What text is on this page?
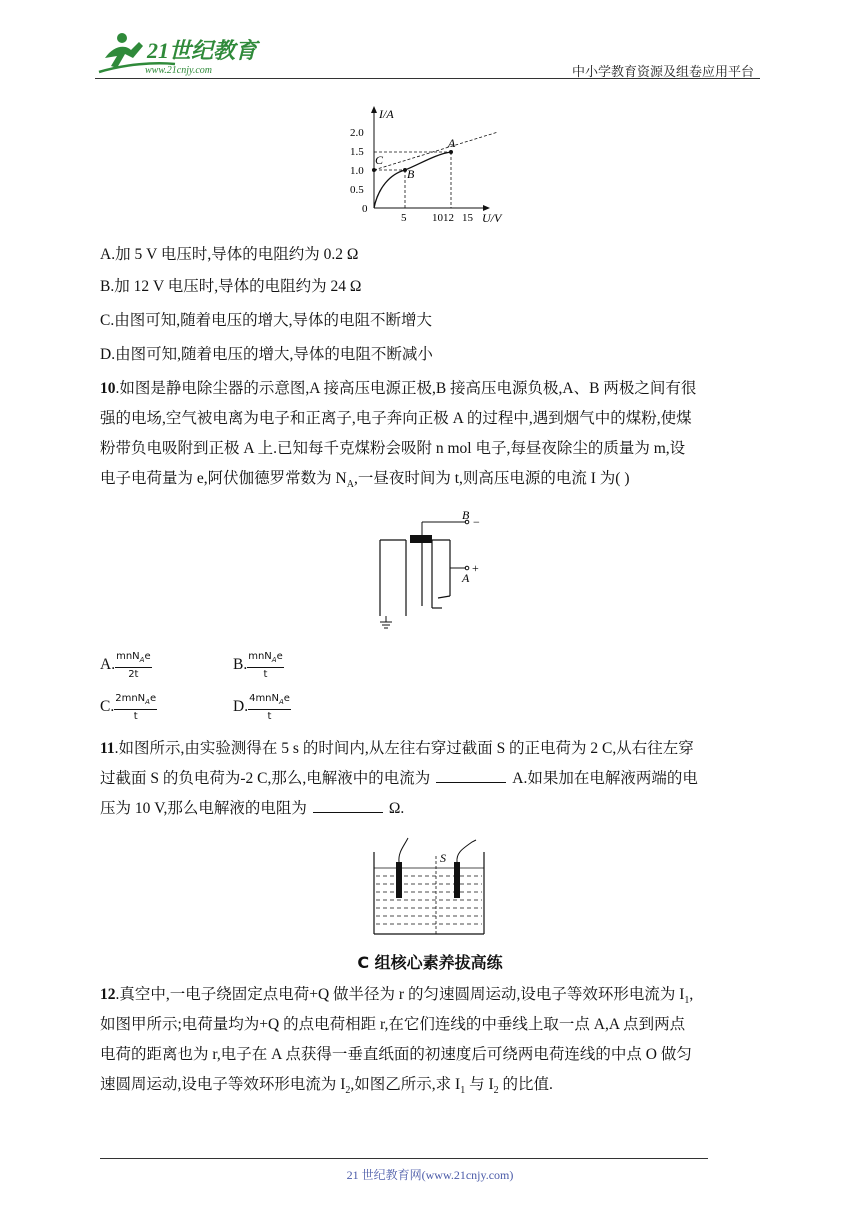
21世纪教育
www.21cnjy.com	中小学教育资源及组卷应用平台
I/A
U/V
2.0
1.5
1.0
0.5
0
5 1012 15
A
B
C
A.加 5 V 电压时,导体的电阻约为 0.2 Ω
B.加 12 V 电压时,导体的电阻约为 24 Ω
C.由图可知,随着电压的增大,导体的电阻不断增大
D.由图可知,随着电压的增大,导体的电阻不断减小
10.如图是静电除尘器的示意图,A 接高压电源正极,B 接高压电源负极,A、B 两极之间有很
强的电场,空气被电离为电子和正离子,电子奔向正极 A 的过程中,遇到烟气中的煤粉,使煤
粉带负电吸附到正极 A 上.已知每千克煤粉会吸附 n mol 电子,每昼夜除尘的质量为 m,设
电子电荷量为 e,阿伏伽德罗常数为 $N_A$,一昼夜时间为 t,则高压电源的电流 I 为( )
B −
A
+
A. $\frac{mnN_Ae}{2t}$	B. $\frac{mnN_Ae}{t}$
C. $\frac{2mnN_Ae}{t}$	D. $\frac{4mnN_Ae}{t}$
11.如图所示,由实验测得在 5 s 的时间内,从左往右穿过截面 S 的正电荷为 2 C,从右往左穿
过截面 S 的负电荷为-2 C,那么,电解液中的电流为	A.如果加在电解液两端的电
压为 10 V,那么电解液的电阻为	Ω.
S
C 组核心素养拔高练
12.真空中,一电子绕固定点电荷+Q 做半径为 r 的匀速圆周运动,设电子等效环形电流为 $I_1$,
如图甲所示;电荷量均为+Q 的点电荷相距 r,在它们连线的中垂线上取一点 A,A 点到两点
电荷的距离也为 r,电子在 A 点获得一垂直纸面的初速度后可绕两电荷连线的中点 O 做匀
速圆周运动,设电子等效环形电流为 $I_2$,如图乙所示,求 $I_1$ 与 $I_2$ 的比值.
21 世纪教育网(www.21cnjy.com)
